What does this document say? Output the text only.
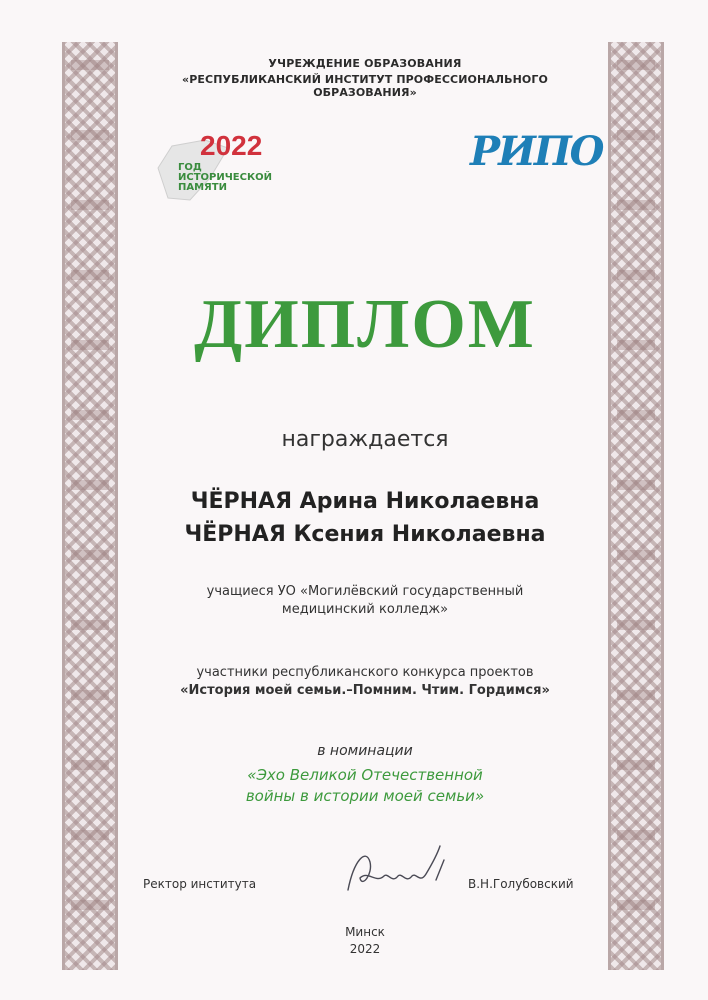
УЧРЕЖДЕНИЕ ОБРАЗОВАНИЯ
«РЕСПУБЛИКАНСКИЙ ИНСТИТУТ ПРОФЕССИОНАЛЬНОГО ОБРАЗОВАНИЯ»
2022
ГОД
ИСТОРИЧЕСКОЙ
ПАМЯТИ
РИПО
ДИПЛОМ
награждается
ЧЁРНАЯ Арина Николаевна
ЧЁРНАЯ Ксения Николаевна
учащиеся УО «Могилёвский государственный
медицинский колледж»
участники республиканского конкурса проектов
«История моей семьи.–Помним. Чтим. Гордимся»
в номинации
«Эхо Великой Отечественной
войны в истории моей семьи»
Ректор института	В.Н.Голубовский
Минск
2022
